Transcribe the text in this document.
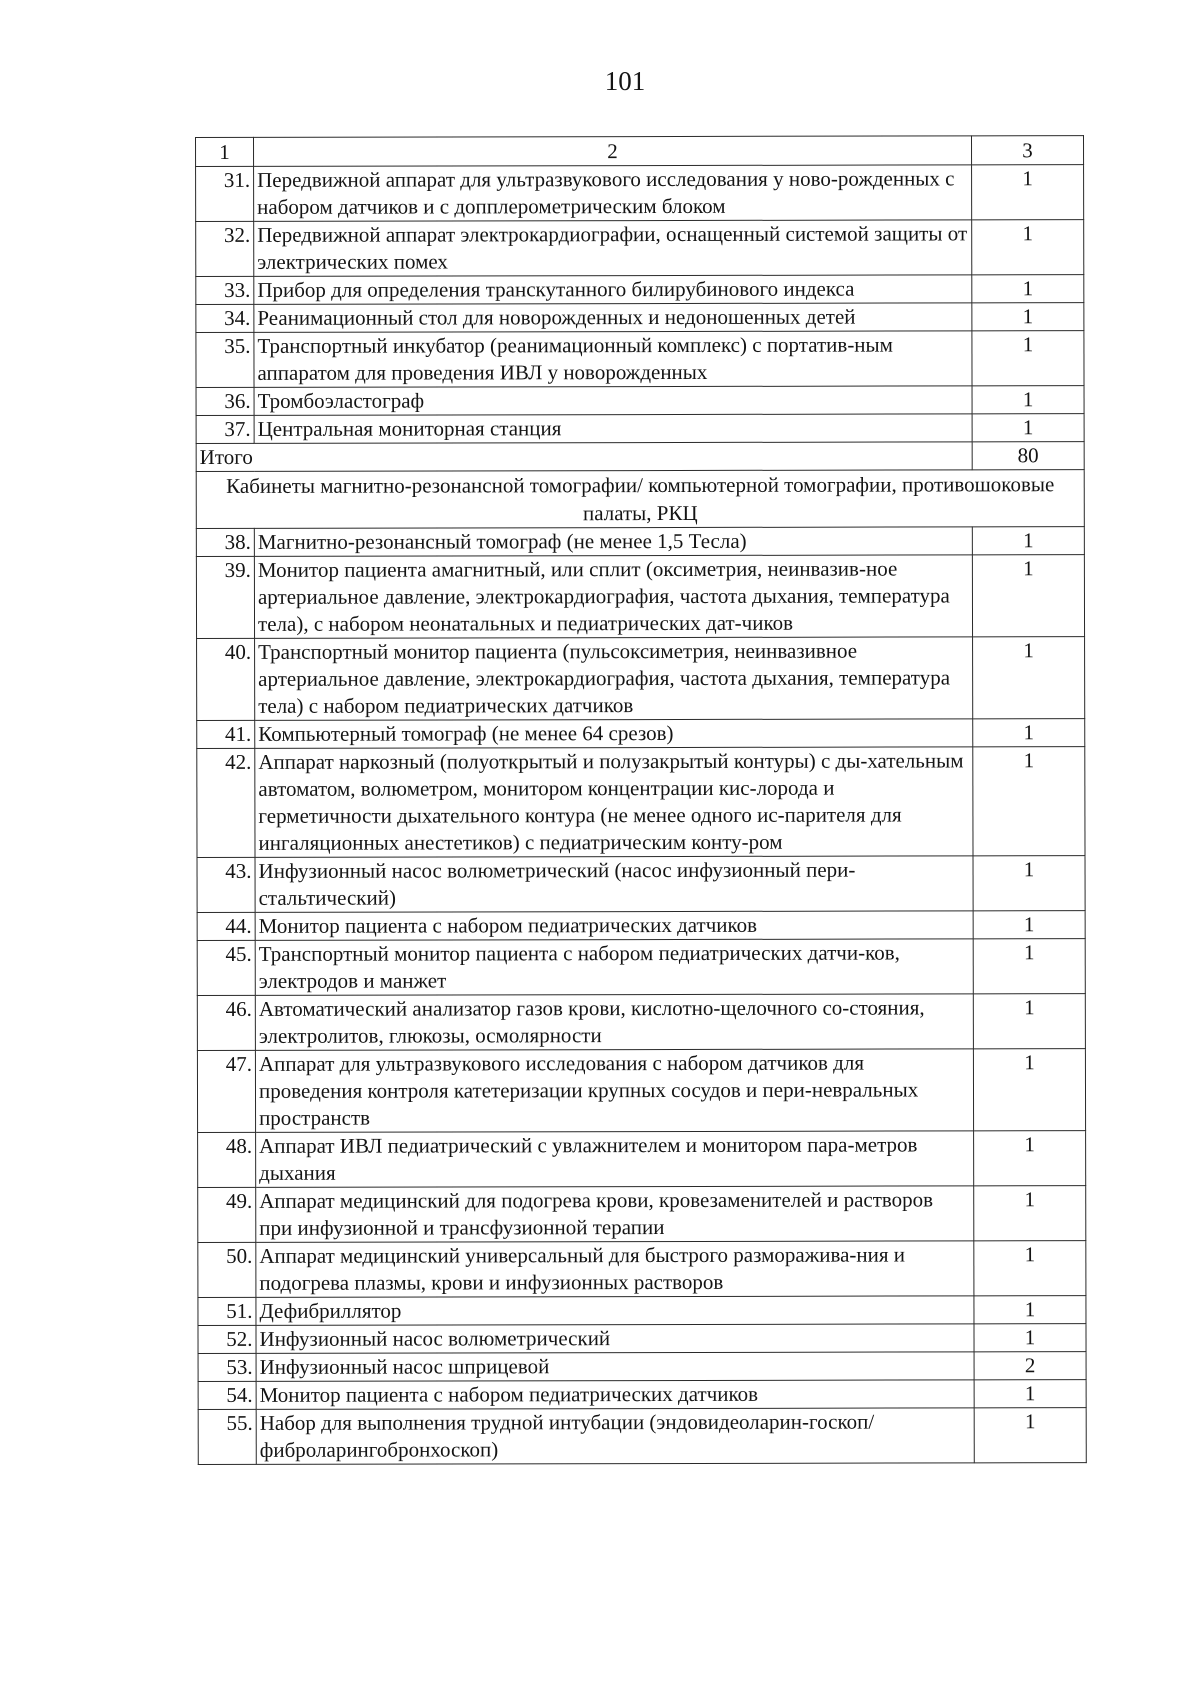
101
1	2	3
31.	Передвижной аппарат для ультразвукового исследования у ново-рожденных с набором датчиков и с допплерометрическим блоком	1
32.	Передвижной аппарат электрокардиографии, оснащенный системой защиты от электрических помех	1
33.	Прибор для определения транскутанного билирубинового индекса	1
34.	Реанимационный стол для новорожденных и недоношенных детей	1
35.	Транспортный инкубатор (реанимационный комплекс) с портатив-ным аппаратом для проведения ИВЛ у новорожденных	1
36.	Тромбоэластограф	1
37.	Центральная мониторная станция	1
Итого		80
Кабинеты магнитно-резонансной томографии/ компьютерной томографии, противошоковые палаты, РКЦ		
38.	Магнитно-резонансный томограф (не менее 1,5 Тесла)	1
39.	Монитор пациента амагнитный, или сплит (оксиметрия, неинвазив-ное артериальное давление, электрокардиография, частота дыхания, температура тела), с набором неонатальных и педиатрических дат-чиков	1
40.	Транспортный монитор пациента (пульсоксиметрия, неинвазивное артериальное давление, электрокардиография, частота дыхания, температура тела) с набором педиатрических датчиков	1
41.	Компьютерный томограф (не менее 64 срезов)	1
42.	Аппарат наркозный (полуоткрытый и полузакрытый контуры) с ды-хательным автоматом, волюметром, монитором концентрации кис-лорода и герметичности дыхательного контура (не менее одного ис-парителя для ингаляционных анестетиков) с педиатрическим конту-ром	1
43.	Инфузионный насос волюметрический (насос инфузионный пери-стальтический)	1
44.	Монитор пациента с набором педиатрических датчиков	1
45.	Транспортный монитор пациента с набором педиатрических датчи-ков, электродов и манжет	1
46.	Автоматический анализатор газов крови, кислотно-щелочного со-стояния, электролитов, глюкозы, осмолярности	1
47.	Аппарат для ультразвукового исследования с набором датчиков для проведения контроля катетеризации крупных сосудов и пери-невральных пространств	1
48.	Аппарат ИВЛ педиатрический с увлажнителем и монитором пара-метров дыхания	1
49.	Аппарат медицинский для подогрева крови, кровезаменителей и растворов при инфузионной и трансфузионной терапии	1
50.	Аппарат медицинский универсальный для быстрого разморажива-ния и подогрева плазмы, крови и инфузионных растворов	1
51.	Дефибриллятор	1
52.	Инфузионный насос волюметрический	1
53.	Инфузионный насос шприцевой	2
54.	Монитор пациента с набором педиатрических датчиков	1
55.	Набор для выполнения трудной интубации (эндовидеоларин-госкоп/фиброларингобронхоскоп)	1
